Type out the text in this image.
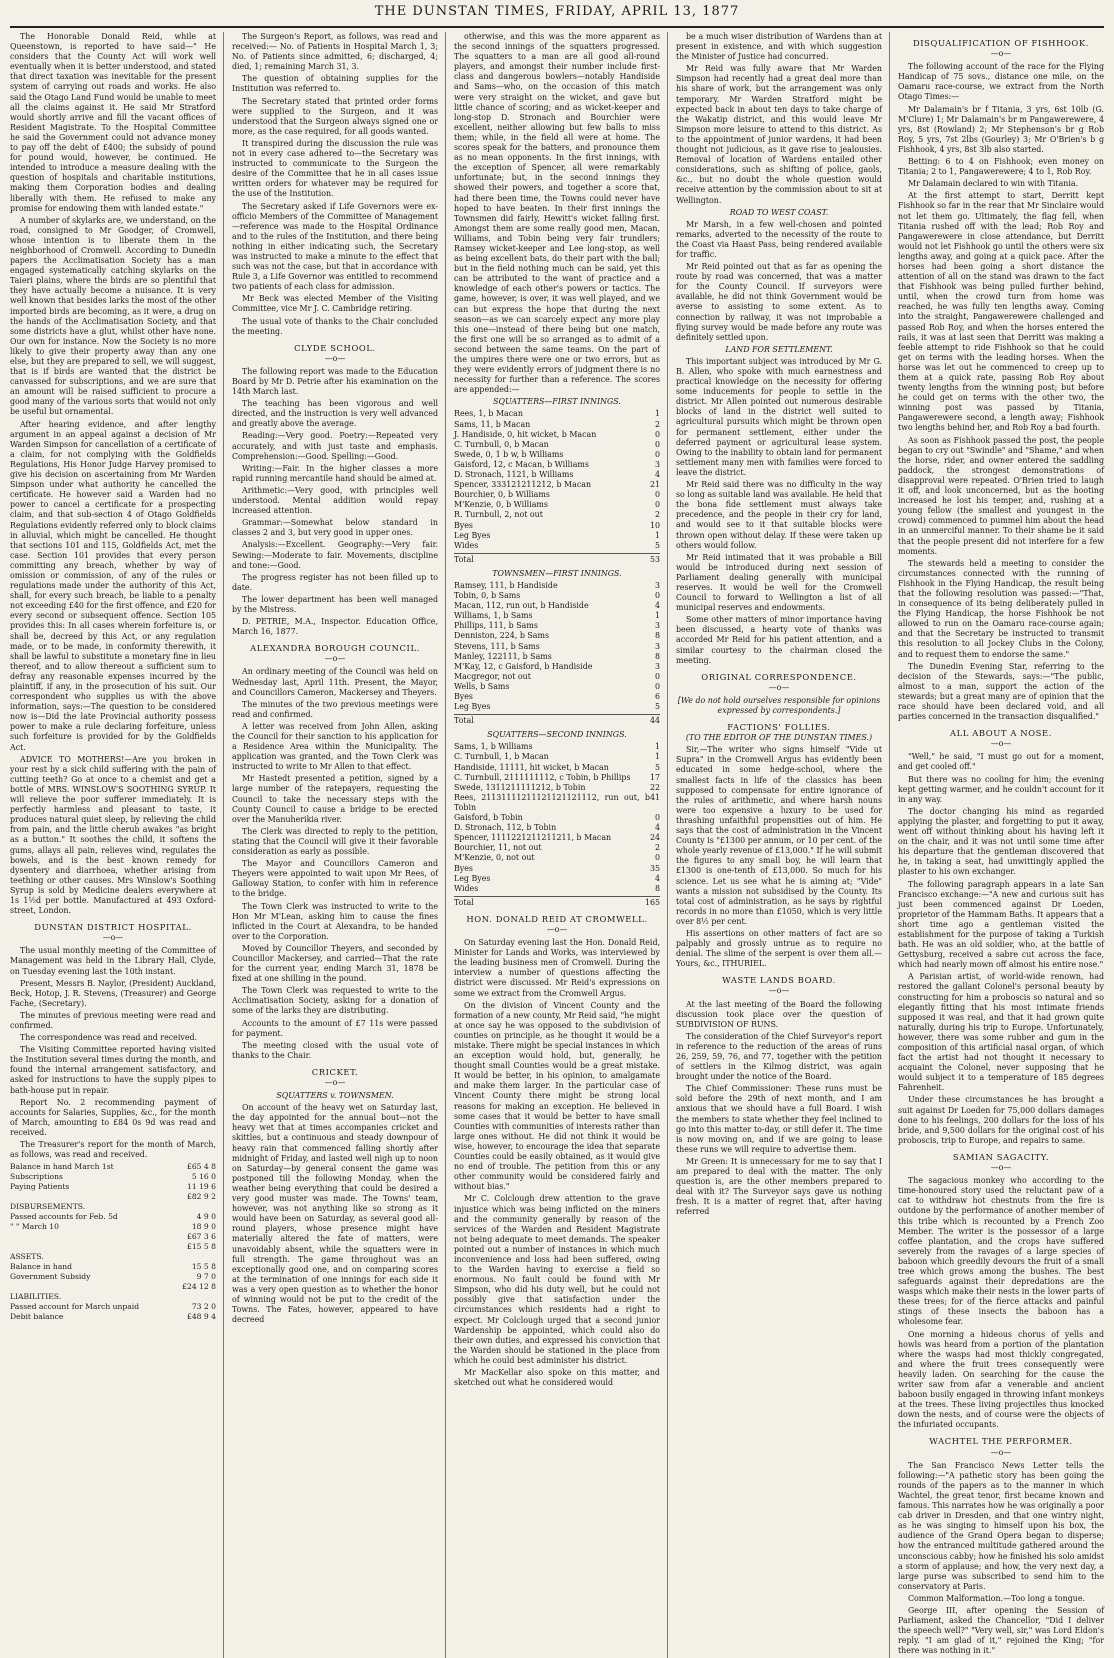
THE DUNSTAN TIMES, FRIDAY, APRIL 13, 1877

The Honorable Donald Reid, while at Queenstown, is reported to have said—" He considers that the County Act will work well eventually when it is better understood, and stated that direct taxation was inevitable for the present system of carrying out roads and works. He also said the Otago Land Fund would be unable to meet all the claims against it. He said Mr Stratford would shortly arrive and fill the vacant offices of Resident Magistrate. To the Hospital Committee he said the Government could not advance money to pay off the debt of £400; the subsidy of pound for pound would, however, be continued. He intended to introduce a measure dealing with the question of hospitals and charitable institutions, making them Corporation bodies and dealing liberally with them. He refused to make any promise for endowing them with landed estate."

A number of skylarks are, we understand, on the road, consigned to Mr Goodger, of Cromwell, whose intention is to liberate them in the neighborhood of Cromwell. According to Dunedin papers the Acclimatisation Society has a man engaged systematically catching skylarks on the Taieri plains, where the birds are so plentiful that they have actually become a nuisance. It is very well known that besides larks the most of the other imported birds are becoming, as it were, a drug on the hands of the Acclimatisation Society, and that some districts have a glut, whilst other have none. Our own for instance. Now the Society is no more likely to give their property away than any one else, but they are prepared to sell, we will suggest, that is if birds are wanted that the district be canvassed for subscriptions, and we are sure that an amount will be raised sufficient to procure a good many of the various sorts that would not only be useful but ornamental.

After hearing evidence, and after lengthy argument in an appeal against a decision of Mr Warden Simpson for cancellation of a certificate of a claim, for not complying with the Goldfields Regulations, His Honor Judge Harvey promised to give his decision on ascertaining from Mr Warden Simpson under what authority he cancelled the certificate. He however said a Warden had no power to cancel a certificate for a prospecting claim, and that sub-section 4 of Otago Goldfields Regulations evidently referred only to block claims in alluvial, which might be cancelled. He thought that sections 101 and 115, Goldfields Act, met the case. Section 101 provides that every person committing any breach, whether by way of omission or commission, of any of the rules or regulations made under the authority of this Act, shall, for every such breach, be liable to a penalty not exceeding £40 for the first offence, and £20 for every second or subsequent offence. Section 105 provides this: In all cases wherein forfeiture is, or shall be, decreed by this Act, or any regulation made, or to be made, in conformity therewith, it shall be lawful to substitute a monetary fine in lieu thereof, and to allow thereout a sufficient sum to defray any reasonable expenses incurred by the plaintiff, if any, in the prosecution of his suit. Our correspondent who supplies us with the above information, says:—The question to be considered now is—Did the late Provincial authority possess power to make a rule declaring forfeiture, unless such forfeiture is provided for by the Goldfields Act.

ADVICE TO MOTHERS!—Are you broken in your rest by a sick child suffering with the pain of cutting teeth? Go at once to a chemist and get a bottle of MRS. WINSLOW'S SOOTHING SYRUP. It will relieve the poor sufferer immediately. It is perfectly harmless and pleasant to taste, it produces natural quiet sleep, by relieving the child from pain, and the little cherub awakes "as bright as a button." It soothes the child, it softens the gums, allays all pain, relieves wind, regulates the bowels, and is the best known remedy for dysentery and diarrhoea, whether arising from teething or other causes. Mrs Winslow's Soothing Syrup is sold by Medicine dealers everywhere at 1s 1½d per bottle. Manufactured at 493 Oxford-street, London.

DUNSTAN DISTRICT HOSPITAL.
—o—

The usual monthly meeting of the Committee of Management was held in the Library Hall, Clyde, on Tuesday evening last the 10th instant.

Present, Messrs B. Naylor, (President) Auckland, Beck, Hotop, J. R. Stevens, (Treasurer) and George Fache, (Secretary).

The minutes of previous meeting were read and confirmed.

The correspondence was read and received.

The Visiting Committee reported having visited the Institution several times during the month, and found the internal arrangement satisfactory, and asked for instructions to have the supply pipes to bath-house put in repair.

Report No. 2 recommending payment of accounts for Salaries, Supplies, &c., for the month of March, amounting to £84 0s 9d was read and received.

The Treasurer's report for the month of March, as follows, was read and received.

Balance in hand March 1st	£65 4 8
Subscriptions	5 16 0
Paying Patients	11 19 6
	£82 9 2
DISBURSEMENTS.	
Passed accounts for Feb. 5d	4 9 0
" " March 10	18 9 0
	£67 3 6
	£15 5 8
ASSETS.	
Balance in hand	15 5 8
Government Subsidy	9 7 0
	£24 12 8
LIABILITIES.	
Passed account for March unpaid	73 2 0
Debit balance	£48 9 4

The Surgeon's Report, as follows, was read and received:— No. of Patients in Hospital March 1, 3; No. of Patients since admitted, 6; discharged, 4; died, 1; remaining March 31, 3.

The question of obtaining supplies for the Institution was referred to.

The Secretary stated that printed order forms were supplied to the Surgeon, and it was understood that the Surgeon always signed one or more, as the case required, for all goods wanted.

It transpired during the discussion the rule was not in every case adhered to—the Secretary was instructed to communicate to the Surgeon the desire of the Committee that he in all cases issue written orders for whatever may be required for the use of the Institution.

The Secretary asked if Life Governors were ex-officio Members of the Committee of Management—reference was made to the Hospital Ordinance and to the rules of the Institution, and there being nothing in either indicating such, the Secretary was instructed to make a minute to the effect that such was not the case, but that in accordance with Rule 3, a Life Governor was entitled to recommend two patients of each class for admission.

Mr Beck was elected Member of the Visiting Committee, vice Mr J. C. Cambridge retiring.

The usual vote of thanks to the Chair concluded the meeting.

CLYDE SCHOOL.
—o—

The following report was made to the Education Board by Mr D. Petrie after his examination on the 14th March last.

The teaching has been vigorous and well directed, and the instruction is very well advanced and greatly above the average.

Reading:—Very good. Poetry:—Repeated very accurately, and with just taste and emphasis. Comprehension:—Good. Spelling:—Good.

Writing:—Fair. In the higher classes a more rapid running mercantile hand should be aimed at.

Arithmetic:—Very good, with principles well understood. Mental addition would repay increased attention.

Grammar:—Somewhat below standard in classes 2 and 3, but very good in upper ones.

Analysis:—Excellent. Geography:—Very fair. Sewing:—Moderate to fair. Movements, discipline and tone:—Good.

The progress register has not been filled up to date.

The lower department has been well managed by the Mistress.

D. PETRIE, M.A., Inspector. Education Office, March 16, 1877.

ALEXANDRA BOROUGH COUNCIL.
—o—

An ordinary meeting of the Council was held on Wednesday last, April 11th. Present, the Mayor, and Councillors Cameron, Mackersey and Theyers.

The minutes of the two previous meetings were read and confirmed.

A letter was received from John Allen, asking the Council for their sanction to his application for a Residence Area within the Municipality. The application was granted, and the Town Clerk was instructed to write to Mr Allen to that effect.

Mr Hastedt presented a petition, signed by a large number of the ratepayers, requesting the Council to take the necessary steps with the County Council to cause a bridge to be erected over the Manuherikia river.

The Clerk was directed to reply to the petition, stating that the Council will give it their favorable consideration as early as possible.

The Mayor and Councillors Cameron and Theyers were appointed to wait upon Mr Rees, of Galloway Station, to confer with him in reference to the bridge.

The Town Clerk was instructed to write to the Hon Mr M'Lean, asking him to cause the fines inflicted in the Court at Alexandra, to be handed over to the Corporation.

Moved by Councillor Theyers, and seconded by Councillor Mackersey, and carried—That the rate for the current year, ending March 31, 1878 be fixed at one shilling in the pound.

The Town Clerk was requested to write to the Acclimatisation Society, asking for a donation of some of the larks they are distributing.

Accounts to the amount of £7 11s were passed for payment.

The meeting closed with the usual vote of thanks to the Chair.

CRICKET.
—o—
SQUATTERS v. TOWNSMEN.

On account of the heavy wet on Saturday last, the day appointed for the annual bout—not the heavy wet that at times accompanies cricket and skittles, but a continuous and steady downpour of heavy rain that commenced falling shortly after midnight of Friday, and lasted well nigh up to noon on Saturday—by general consent the game was postponed till the following Monday, when the weather being everything that could be desired a very good muster was made. The Towns' team, however, was not anything like so strong as it would have been on Saturday, as several good all-round players, whose presence might have materially altered the fate of matters, were unavoidably absent, while the squatters were in full strength. The game throughout was an exceptionally good one, and on comparing scores at the termination of one innings for each side it was a very open question as to whether the honor of winning would not be put to the credit of the Towns. The Fates, however, appeared to have decreed

otherwise, and this was the more apparent as the second innings of the squatters progressed. The squatters to a man are all good all-round players, and amongst their number include first-class and dangerous bowlers—notably Handiside and Sams—who, on the occasion of this match were very straight on the wicket, and gave but little chance of scoring; and as wicket-keeper and long-stop D. Stronach and Bourchier were excellent, neither allowing but few balls to miss them; while, in the field all were at home. The scores speak for the batters, and pronounce them as no mean opponents. In the first innings, with the exception of Spencer, all were remarkably unfortunate; but, in the second innings they showed their powers, and together a score that, had there been time, the Towns could never have hoped to have beaten. In their first innings the Townsmen did fairly, Hewitt's wicket falling first. Amongst them are some really good men, Macan, Williams, and Tobin being very fair trundlers; Ramsey wicket-keeper and Lee long-stop, as well as being excellent bats, do their part with the ball; but in the field nothing much can be said, yet this can be attributed to the want of practice and a knowledge of each other's powers or tactics. The game, however, is over, it was well played, and we can but express the hope that during the next season—as we can scarcely expect any more play this one—instead of there being but one match, the first one will be so arranged as to admit of a second between the same teams. On the part of the umpires there were one or two errors, but as they were evidently errors of judgment there is no necessity for further than a reference. The scores are appended:—

SQUATTERS—FIRST INNINGS.
Rees, 1, b Macan	1
Sams, 11, b Macan	2
J. Handiside, 0, hit wicket, b Macan	0
C. Turnbull, 0, b Macan	0
Swede, 0, 1 b w, b Williams	0
Gaisford, 12, c Macan, b Williams	3
D. Stronach, 1121, b Williams	4
Spencer, 333121211212, b Macan	21
Bourchier, 0, b Williams	0
M'Kenzie, 0, b Williams	0
R. Turnbull, 2, not out	2
Byes	10
Leg Byes	1
Wides	5
Total	53
TOWNSMEN—FIRST INNINGS.
Ramsey, 111, b Handiside	3
Tobin, 0, b Sams	0
Macan, 112, run out, b Handiside	4
Williams, 1, b Sams	1
Phillips, 111, b Sams	3
Denniston, 224, b Sams	8
Stevens, 111, b Sams	3
Manley, 122111, b Sams	8
M'Kay, 12, c Gaisford, b Handiside	3
Macgregor, not out	0
Wells, b Sams	0
Byes	6
Leg Byes	5
Total	44
SQUATTERS—SECOND INNINGS.
Sams, 1, b Williams	1
C. Turnbull, 1, b Macan	1
Handiside, 11111, hit wicket, b Macan	5
C. Turnbull, 2111111112, c Tobin, b Phillips 17
Swede, 1311211111212, b Tobin	22
Rees, 21131111211121121121112, run out, b Tobin
41
Gaisford, b Tobin	0
D. Stronach, 112, b Tobin	4
Spencer, 1111221211211211, b Macan	24
Bourchier, 11, not out	2
M'Kenzie, 0, not out	0
Byes	35
Leg Byes	4
Wides	8
Total	165
HON. DONALD REID AT CROMWELL.
—o—

On Saturday evening last the Hon. Donald Reid, Minister for Lands and Works, was interviewed by the leading business men of Cromwell. During the interview a number of questions affecting the district were discussed. Mr Reid's expressions on some we extract from the Cromwell Argus.

On the division of Vincent County and the formation of a new county, Mr Reid said, "he might at once say he was opposed to the subdivision of counties on principle, as he thought it would be a mistake. There might be special instances in which an exception would hold, but, generally, he thought small Counties would be a great mistake. It would be better, in his opinion, to amalgamate and make them larger. In the particular case of Vincent County there might be strong local reasons for making an exception. He believed in some cases that it would be better to have small Counties with communities of interests rather than large ones without. He did not think it would be wise, however, to encourage the idea that separate Counties could be easily obtained, as it would give no end of trouble. The petition from this or any other community would be considered fairly and without bias."

Mr C. Colclough drew attention to the grave injustice which was being inflicted on the miners and the community generally by reason of the services of the Warden and Resident Magistrate not being adequate to meet demands. The speaker pointed out a number of instances in which much inconvenience and loss had been suffered, owing to the Warden having to exercise a field so enormous. No fault could be found with Mr Simpson, who did his duty well, but he could not possibly give that satisfaction under the circumstances which residents had a right to expect. Mr Colclough urged that a second junior Wardenship be appointed, which could also do their own duties, and expressed his conviction that the Warden should be stationed in the place from which he could best administer his district.

Mr MacKellar also spoke on this matter, and sketched out what he considered would

be a much wiser distribution of Wardens than at present in existence, and with which suggestion the Minister of Justice had concurred.

Mr Reid was fully aware that Mr Warden Simpson had recently had a great deal more than his share of work, but the arrangement was only temporary. Mr Warden Stratford might be expected back in about ten days to take charge of the Wakatip district, and this would leave Mr Simpson more leisure to attend to this district. As to the appointment of junior wardens, it had been thought not judicious, as it gave rise to jealousies. Removal of location of Wardens entailed other considerations, such as shifting of police, gaols, &c., but no doubt the whole question would receive attention by the commission about to sit at Wellington.

ROAD TO WEST COAST.

Mr Marsh, in a few well-chosen and pointed remarks, adverted to the necessity of the route to the Coast via Haast Pass, being rendered available for traffic.

Mr Reid pointed out that as far as opening the route by road was concerned, that was a matter for the County Council. If surveyors were available, he did not think Government would be averse to assisting to some extent. As to connection by railway, it was not improbable a flying survey would be made before any route was definitely settled upon.

LAND FOR SETTLEMENT.

This important subject was introduced by Mr G. B. Allen, who spoke with much earnestness and practical knowledge on the necessity for offering some inducements for people to settle in the district. Mr Allen pointed out numerous desirable blocks of land in the district well suited to agricultural pursuits which might be thrown open for permanent settlement, either under the deferred payment or agricultural lease system. Owing to the inability to obtain land for permanent settlement many men with families were forced to leave the district.

Mr Reid said there was no difficulty in the way so long as suitable land was available. He held that the bona fide settlement must always take precedence, and the people in their cry for land, and would see to it that suitable blocks were thrown open without delay. If these were taken up others would follow.

Mr Reid intimated that it was probable a Bill would be introduced during next session of Parliament dealing generally with municipal reserves. It would be well for the Cromwell Council to forward to Wellington a list of all municipal reserves and endowments.

Some other matters of minor importance having been discussed, a hearty vote of thanks was accorded Mr Reid for his patient attention, and a similar courtesy to the chairman closed the meeting.

ORIGINAL CORRESPONDENCE.
—o—
[We do not hold ourselves responsible for opinions expressed by correspondents.]
FACTIONS' FOLLIES.
(TO THE EDITOR OF THE DUNSTAN TIMES.)

Sir,—The writer who signs himself "Vide ut Supra" in the Cromwell Argus has evidently been educated in some hedge-school, where the smallest facts in life of the classics has been supposed to compensate for entire ignorance of the rules of arithmetic, and where harsh nouns were too expensive a luxury to be used for thrashing unfaithful propensities out of him. He says that the cost of administration in the Vincent County is "£1300 per annum, or 10 per cent. of the whole yearly revenue of £13,000." If he will submit the figures to any small boy, he will learn that £1300 is one-tenth of £13,000. So much for his science. Let us see what he is aiming at; "Vide" wants a mission not subsidised by the County. Its total cost of administration, as he says by rightful records in no more than £1050, which is very little over 8½ per cent.

His assertions on other matters of fact are so palpably and grossly untrue as to require no denial. The slime of the serpent is over them all.—Yours, &c., ITHURIEL.

WASTE LANDS BOARD.
—o—

At the last meeting of the Board the following discussion took place over the question of SUBDIVISION OF RUNS.

The consideration of the Chief Surveyor's report in reference to the reduction of the areas of runs 26, 259, 59, 76, and 77, together with the petition of settlers in the Kilmog district, was again brought under the notice of the Board.

The Chief Commissioner: These runs must be sold before the 29th of next month, and I am anxious that we should have a full Board. I wish the members to state whether they feel inclined to go into this matter to-day, or still defer it. The time is now moving on, and if we are going to lease these runs we will require to advertise them.

Mr Green: It is unnecessary for me to say that I am prepared to deal with the matter. The only question is, are the other members prepared to deal with it? The Surveyor says gave us nothing fresh. It is a matter of regret that, after having referred

DISQUALIFICATION OF FISHHOOK.
—o—

The following account of the race for the Flying Handicap of 75 sovs., distance one mile, on the Oamaru race-course, we extract from the North Otago Times:—

Mr Dalamain's br f Titania, 3 yrs, 6st 10lb (G. M'Clure) 1; Mr Dalamain's br m Pangawerewere, 4 yrs, 8st (Rowland) 2; Mr Stephenson's br g Rob Roy, 5 yrs, 7st 2lbs (Gourley) 3; Mr O'Brien's b g Fishhook, 4 yrs, 8st 3lb also started.

Betting: 6 to 4 on Fishhook; even money on Titania; 2 to 1, Pangawerewere; 4 to 1, Rob Roy.

Mr Dalamain declared to win with Titania.

At the first attempt to start, Derritt kept Fishhook so far in the rear that Mr Sinclaire would not let them go. Ultimately, the flag fell, when Titania rushed off with the lead; Rob Roy and Pangawerewere in close attendance, but Derritt would not let Fishhook go until the others were six lengths away, and going at a quick pace. After the horses had been going a short distance the attention of all on the stand was drawn to the fact that Fishhook was being pulled further behind, until, when the crowd turn from home was reached, he was fully ten lengths away. Coming into the straight, Pangawerewere challenged and passed Rob Roy, and when the horses entered the rails, it was at last seen that Derritt was making a feeble attempt to ride Fishhook so that he could get on terms with the leading horses. When the horse was let out he commenced to creep up to them at a quick rate, passing Rob Roy about twenty lengths from the winning post; but before he could get on terms with the other two, the winning post was passed by Titania, Pangawerewere second, a length away; Fishhook two lengths behind her, and Rob Roy a bad fourth.

As soon as Fishhook passed the post, the people began to cry out "Swindle" and "Shame," and when the horse, rider, and owner entered the saddling paddock, the strongest demonstrations of disapproval were repeated. O'Brien tried to laugh it off, and look unconcerned, but as the hooting increased he lost his temper, and, rushing at a young fellow (the smallest and youngest in the crowd) commenced to pummel him about the head in an unmerciful manner. To their shame be it said that the people present did not interfere for a few moments.

The stewards held a meeting to consider the circumstances connected with the running of Fishhook in the Flying Handicap, the result being that the following resolution was passed:—"That, in consequence of its being deliberately pulled in the Flying Handicap, the horse Fishhook be not allowed to run on the Oamaru race-course again; and that the Secretary be instructed to transmit this resolution to all Jockey Clubs in the Colony, and to request them to endorse the same."

The Dunedin Evening Star, referring to the decision of the Stewards, says:—"The public, almost to a man, support the action of the stewards; but a great many are of opinion that the race should have been declared void, and all parties concerned in the transaction disqualified."

ALL ABOUT A NOSE.
—o—

"Well," he said, "I must go out for a moment, and get cooled off."

But there was no cooling for him; the evening kept getting warmer, and he couldn't account for it in any way.

The doctor changing his mind as regarded applying the plaster, and forgetting to put it away, went off without thinking about his having left it on the chair, and it was not until some time after his departure that the gentleman discovered that he, in taking a seat, had unwittingly applied the plaster to his own exchanger.

The following paragraph appears in a late San Francisco exchange:—"A new and curious suit has just been commenced against Dr Loeden, proprietor of the Hammam Baths. It appears that a short time ago a gentleman visited the establishment for the purpose of taking a Turkish bath. He was an old soldier, who, at the battle of Gettysburg, received a sabre cut across the face, which had nearly mown off almost his entire nose."

A Parisian artist, of world-wide renown, had restored the gallant Colonel's personal beauty by constructing for him a proboscis so natural and so elegantly fitting that his most intimate friends supposed it was real, and that it had grown quite naturally, during his trip to Europe. Unfortunately, however, there was some rubber and gum in the composition of this artificial nasal organ, of which fact the artist had not thought it necessary to acquaint the Colonel, never supposing that he would subject it to a temperature of 185 degrees Fahrenheit.

Under these circumstances he has brought a suit against Dr Loeden for 75,000 dollars damages done to his feelings, 200 dollars for the loss of his bride, and 9,500 dollars for the original cost of his proboscis, trip to Europe, and repairs to same.

SAMIAN SAGACITY.
—o—

The sagacious monkey who according to the time-honoured story used the reluctant paw of a cat to withdraw hot chestnuts from the fire is outdone by the performance of another member of this tribe which is recounted by a French Zoo Member. The writer is the possessor of a large coffee plantation, and the crops have suffered severely from the ravages of a large species of baboon which greedily devours the fruit of a small tree which grows among the bushes. The best safeguards against their depredations are the wasps which make their nests in the lower parts of these trees; for of the fierce attacks and painful stings of these insects the baboon has a wholesome fear.

One morning a hideous chorus of yells and howls was heard from a portion of the plantation where the wasps had most thickly congregated, and where the fruit trees consequently were heavily laden. On searching for the cause the writer saw from afar a venerable and ancient baboon busily engaged in throwing infant monkeys at the trees. These living projectiles thus knocked down the nests, and of course were the objects of the infuriated occupants.

WACHTEL THE PERFORMER.
—o—

The San Francisco News Letter tells the following:—"A pathetic story has been going the rounds of the papers as to the manner in which Wachtel, the great tenor, first became known and famous. This narrates how he was originally a poor cab driver in Dresden, and that one wintry night, as he was singing to himself upon his box, the audience of the Grand Opera began to disperse; how the entranced multitude gathered around the unconscious cabby; how he finished his solo amidst a storm of applause; and how, the very next day, a large purse was subscribed to send him to the conservatory at Paris.

Common Malformation.—Too long a tongue.

George III, after opening the Session of Parliament, asked the Chancellor, "Did I deliver the speech well?" "Very well, sir," was Lord Eldon's reply. "I am glad of it," rejoined the King; "for there was nothing in it."
